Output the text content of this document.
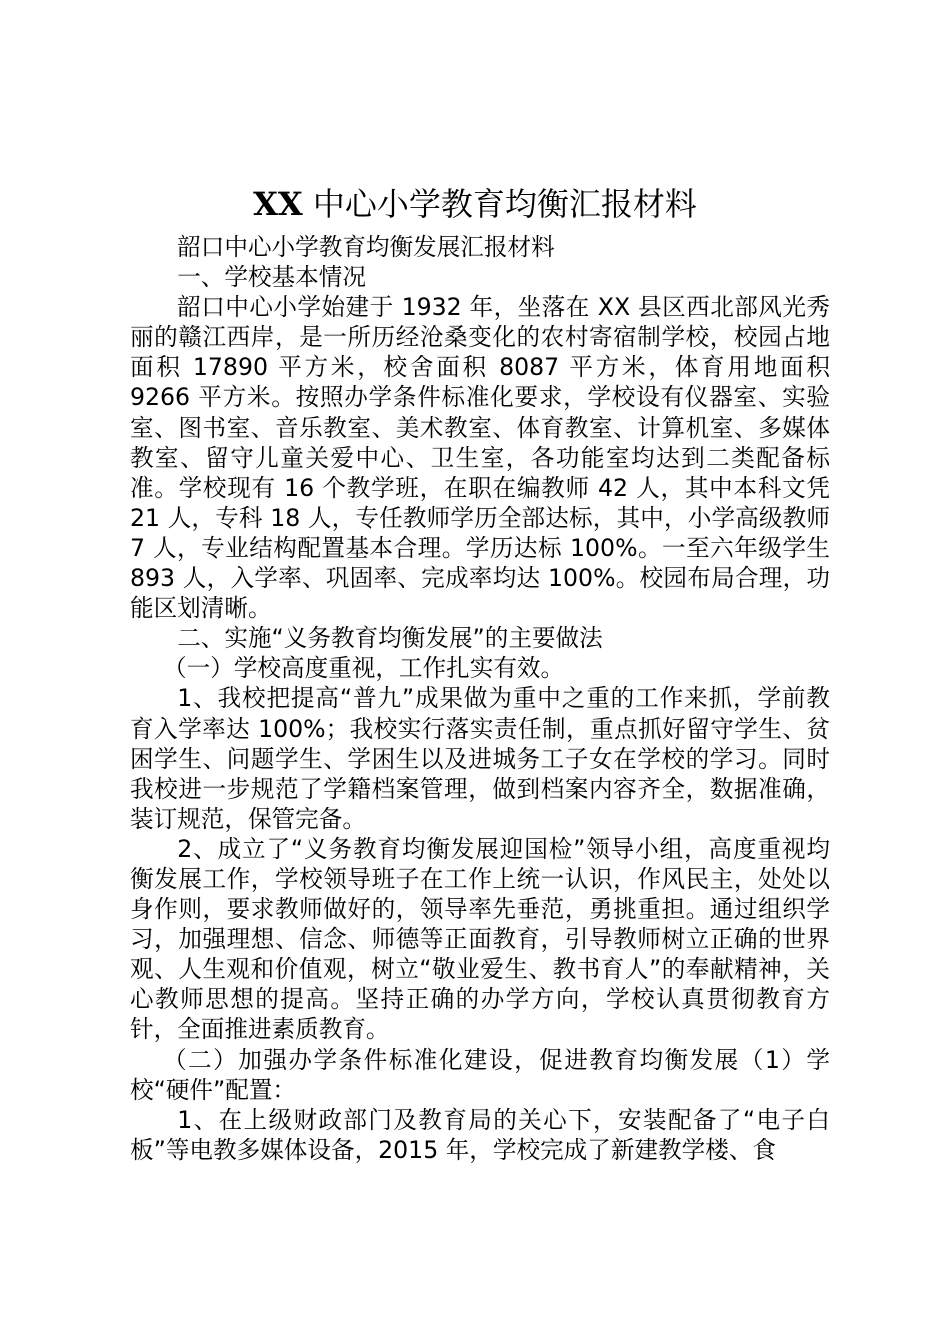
XX 中心小学教育均衡汇报材料

韶口中心小学教育均衡发展汇报材料

一、学校基本情况

韶口中心小学始建于 1932 年，坐落在 XX 县区西北部风光秀丽的赣江西岸，是一所历经沧桑变化的农村寄宿制学校，校园占地面积 17890 平方米，校舍面积 8087 平方米，体育用地面积 9266 平方米。按照办学条件标准化要求，学校设有仪器室、实验室、图书室、音乐教室、美术教室、体育教室、计算机室、多媒体教室、留守儿童关爱中心、卫生室，各功能室均达到二类配备标准。学校现有 16 个教学班，在职在编教师 42 人，其中本科文凭 21 人，专科 18 人，专任教师学历全部达标，其中，小学高级教师 7 人，专业结构配置基本合理。学历达标 100%。一至六年级学生 893 人，入学率、巩固率、完成率均达 100%。校园布局合理，功能区划清晰。

二、实施“义务教育均衡发展”的主要做法

（一）学校高度重视，工作扎实有效。

1、我校把提高“普九”成果做为重中之重的工作来抓，学前教育入学率达 100%；我校实行落实责任制，重点抓好留守学生、贫困学生、问题学生、学困生以及进城务工子女在学校的学习。同时我校进一步规范了学籍档案管理，做到档案内容齐全，数据准确，装订规范，保管完备。

2、成立了“义务教育均衡发展迎国检”领导小组，高度重视均衡发展工作，学校领导班子在工作上统一认识，作风民主，处处以身作则，要求教师做好的，领导率先垂范，勇挑重担。通过组织学习，加强理想、信念、师德等正面教育，引导教师树立正确的世界观、人生观和价值观，树立“敬业爱生、教书育人”的奉献精神，关心教师思想的提高。坚持正确的办学方向，学校认真贯彻教育方针，全面推进素质教育。

（二）加强办学条件标准化建设，促进教育均衡发展（1）学校“硬件”配置：

1、在上级财政部门及教育局的关心下，安装配备了“电子白板”等电教多媒体设备，2015 年，学校完成了新建教学楼、食
